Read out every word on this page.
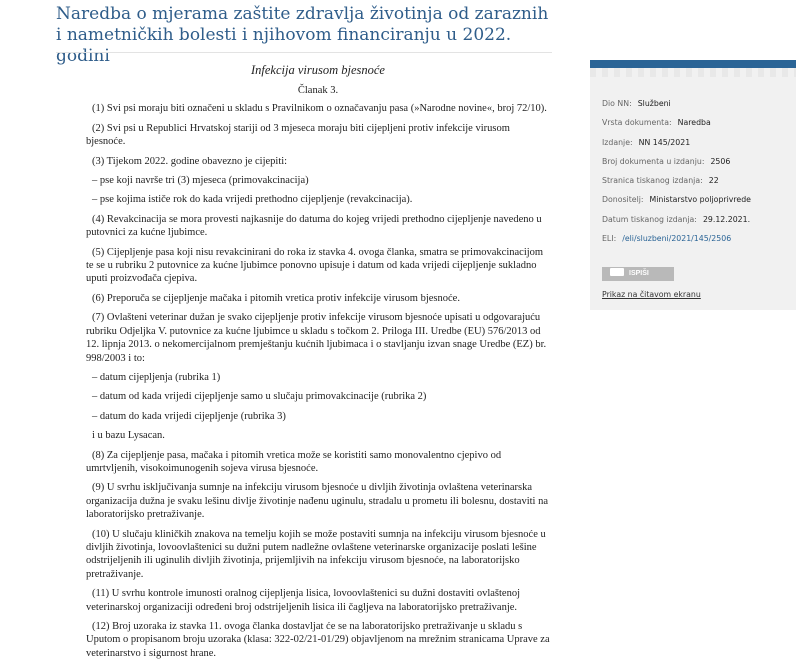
Naredba o mjerama zaštite zdravlja životinja od zaraznih i nametničkih bolesti i njihovom financiranju u 2022. godini
Infekcija virusom bjesnoće
Članak 3.

(1) Svi psi moraju biti označeni u skladu s Pravilnikom o označavanju pasa (»Narodne novine«, broj 72/10).

(2) Svi psi u Republici Hrvatskoj stariji od 3 mjeseca moraju biti cijepljeni protiv infekcije virusom bjesnoće.

(3) Tijekom 2022. godine obavezno je cijepiti:

– pse koji navrše tri (3) mjeseca (primovakcinacija)

– pse kojima ističe rok do kada vrijedi prethodno cijepljenje (revakcinacija).

(4) Revakcinacija se mora provesti najkasnije do datuma do kojeg vrijedi prethodno cijepljenje navedeno u putovnici za kućne ljubimce.

(5) Cijepljenje pasa koji nisu revakcinirani do roka iz stavka 4. ovoga članka, smatra se primovakcinacijom te se u rubriku 2 putovnice za kućne ljubimce ponovno upisuje i datum od kada vrijedi cijepljenje sukladno uputi proizvođača cjepiva.

(6) Preporuča se cijepljenje mačaka i pitomih vretica protiv infekcije virusom bjesnoće.

(7) Ovlašteni veterinar dužan je svako cijepljenje protiv infekcije virusom bjesnoće upisati u odgovarajuću rubriku Odjeljka V. putovnice za kućne ljubimce u skladu s točkom 2. Priloga III. Uredbe (EU) 576/2013 od 12. lipnja 2013. o nekomercijalnom premještanju kućnih ljubimaca i o stavljanju izvan snage Uredbe (EZ) br. 998/2003 i to:

– datum cijepljenja (rubrika 1)

– datum od kada vrijedi cijepljenje samo u slučaju primovakcinacije (rubrika 2)

– datum do kada vrijedi cijepljenje (rubrika 3)

i u bazu Lysacan.

(8) Za cijepljenje pasa, mačaka i pitomih vretica može se koristiti samo monovalentno cjepivo od umrtvljenih, visokoimunogenih sojeva virusa bjesnoće.

(9) U svrhu isključivanja sumnje na infekciju virusom bjesnoće u divljih životinja ovlaštena veterinarska organizacija dužna je svaku lešinu divlje životinje nađenu uginulu, stradalu u prometu ili bolesnu, dostaviti na laboratorijsko pretraživanje.

(10) U slučaju kliničkih znakova na temelju kojih se može postaviti sumnja na infekciju virusom bjesnoće u divljih životinja, lovoovlaštenici su dužni putem nadležne ovlaštene veterinarske organizacije poslati lešine odstrijeljenih ili uginulih divljih životinja, prijemljivih na infekciju virusom bjesnoće, na laboratorijsko pretraživanje.

(11) U svrhu kontrole imunosti oralnog cijepljenja lisica, lovoovlaštenici su dužni dostaviti ovlaštenoj veterinarskoj organizaciji određeni broj odstrijeljenih lisica ili čagljeva na laboratorijsko pretraživanje.

(12) Broj uzoraka iz stavka 11. ovoga članka dostavljat će se na laboratorijsko pretraživanje u skladu s Uputom o propisanom broju uzoraka (klasa: 322-02/21-01/29) objavljenom na mrežnim stranicama Uprave za veterinarstvo i sigurnost hrane.

Dio NN: Službeni
Vrsta dokumenta: Naredba
Izdanje: NN 145/2021
Broj dokumenta u izdanju: 2506
Stranica tiskanog izdanja: 22
Donositelj: Ministarstvo poljoprivrede
Datum tiskanog izdanja: 29.12.2021.
ELI: /eli/sluzbeni/2021/145/2506
ISPIŠI
Prikaz na čitavom ekranu
